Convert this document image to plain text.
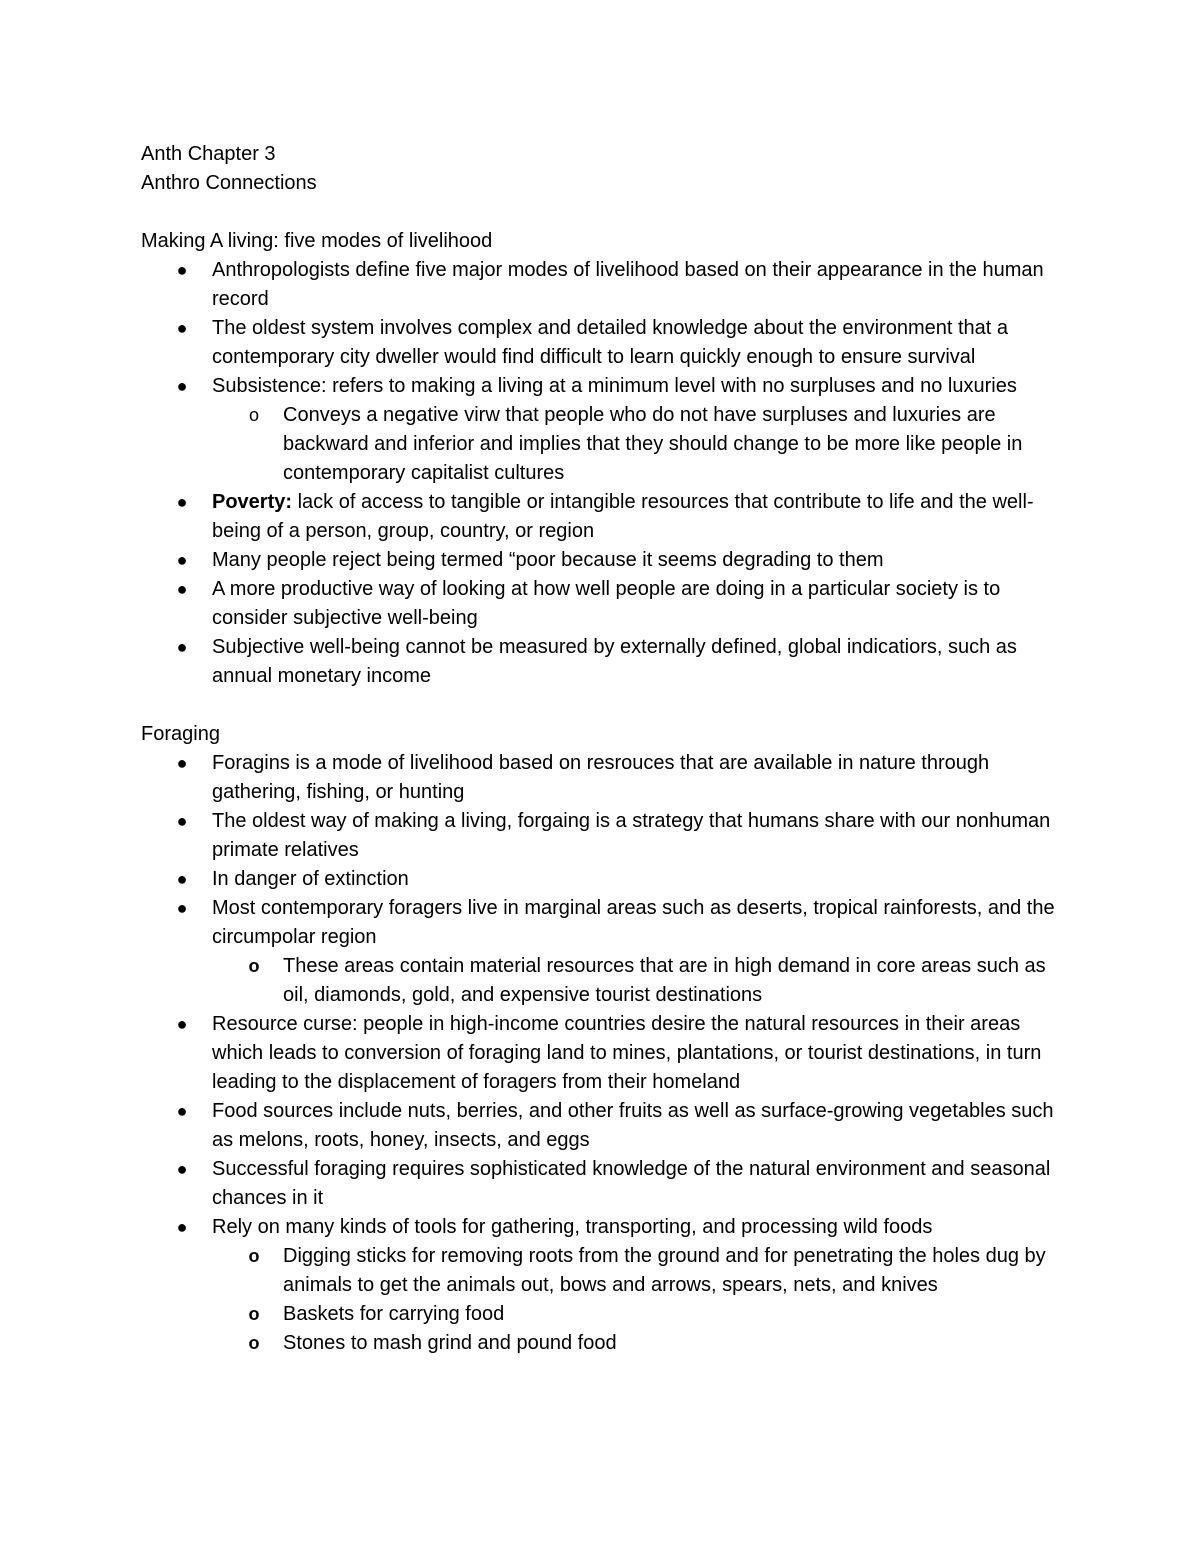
Anth Chapter 3

Anthro Connections

Making A living: five modes of livelihood

● Anthropologists define five major modes of livelihood based on their appearance in the human record
● The oldest system involves complex and detailed knowledge about the environment that a contemporary city dweller would find difficult to learn quickly enough to ensure survival
● Subsistence: refers to making a living at a minimum level with no surpluses and no luxuries
o Conveys a negative virw that people who do not have surpluses and luxuries are backward and inferior and implies that they should change to be more like people in contemporary capitalist cultures
● Poverty: lack of access to tangible or intangible resources that contribute to life and the well-being of a person, group, country, or region
● Many people reject being termed “poor because it seems degrading to them
● A more productive way of looking at how well people are doing in a particular society is to consider subjective well-being
● Subjective well-being cannot be measured by externally defined, global indicatiors, such as annual monetary income

Foraging

● Foragins is a mode of livelihood based on resrouces that are available in nature through gathering, fishing, or hunting
● The oldest way of making a living, forgaing is a strategy that humans share with our nonhuman primate relatives
● In danger of extinction
● Most contemporary foragers live in marginal areas such as deserts, tropical rainforests, and the circumpolar region
o These areas contain material resources that are in high demand in core areas such as oil, diamonds, gold, and expensive tourist destinations
● Resource curse: people in high-income countries desire the natural resources in their areas which leads to conversion of foraging land to mines, plantations, or tourist destinations, in turn leading to the displacement of foragers from their homeland
● Food sources include nuts, berries, and other fruits as well as surface-growing vegetables such as melons, roots, honey, insects, and eggs
● Successful foraging requires sophisticated knowledge of the natural environment and seasonal chances in it
● Rely on many kinds of tools for gathering, transporting, and processing wild foods
o Digging sticks for removing roots from the ground and for penetrating the holes dug by animals to get the animals out, bows and arrows, spears, nets, and knives
o Baskets for carrying food
o Stones to mash grind and pound food
